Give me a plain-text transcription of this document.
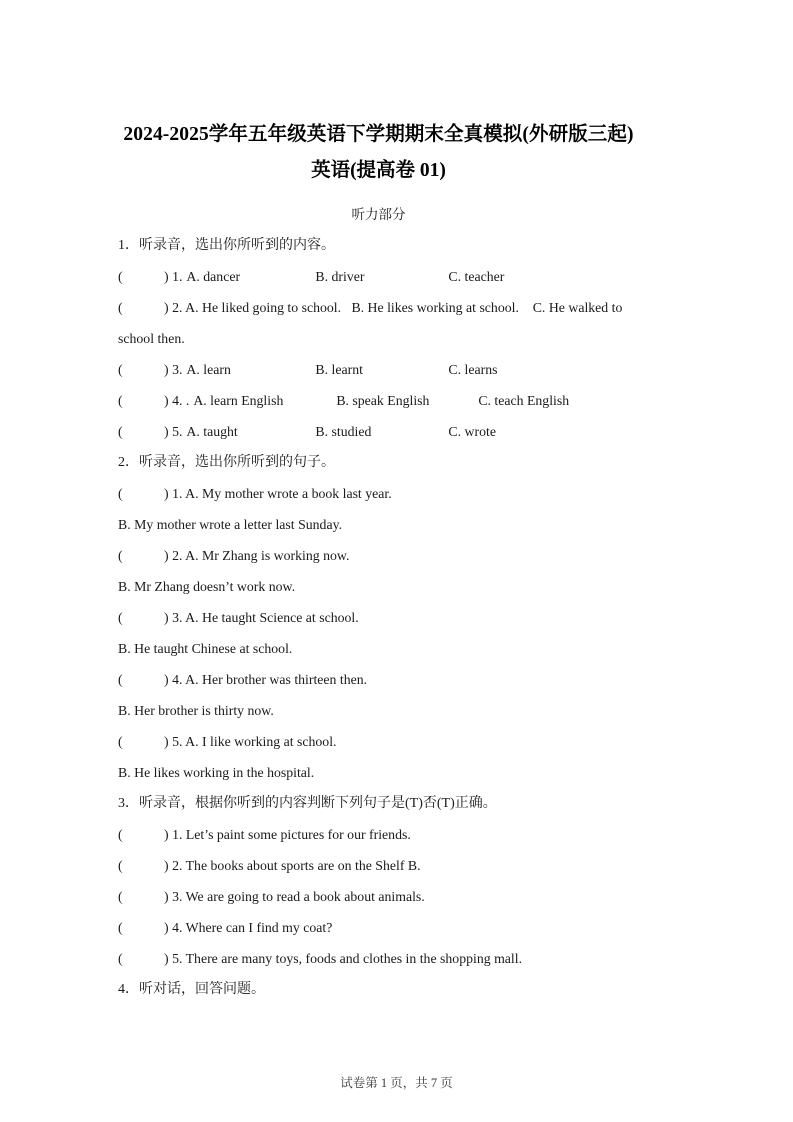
2024-2025学年五年级英语下学期期末全真模拟(外研版三起)
英语(提高卷 01)
听力部分
1．听录音，选出你所听到的内容。
(	) 1. A. dancer	B. driver	C. teacher
(	) 2. A. He liked going to school. B. He likes working at school. C. He walked to
school then.
(	) 3. A. learn	B. learnt	C. learns
(	) 4. . A. learn English	B. speak English	C. teach English
(	) 5. A. taught	B. studied	C. wrote
2．听录音，选出你所听到的句子。
(	) 1. A. My mother wrote a book last year.
B. My mother wrote a letter last Sunday.
(	) 2. A. Mr Zhang is working now.
B. Mr Zhang doesn’t work now.
(	) 3. A. He taught Science at school.
B. He taught Chinese at school.
(	) 4. A. Her brother was thirteen then.
B. Her brother is thirty now.
(	) 5. A. I like working at school.
B. He likes working in the hospital.
3．听录音，根据你听到的内容判断下列句子是(T)否(T)正确。
(	) 1. Let’s paint some pictures for our friends.
(	) 2. The books about sports are on the Shelf B.
(	) 3. We are going to read a book about animals.
(	) 4. Where can I find my coat?
(	) 5. There are many toys, foods and clothes in the shopping mall.
4．听对话，回答问题。
试卷第 1 页，共 7 页
